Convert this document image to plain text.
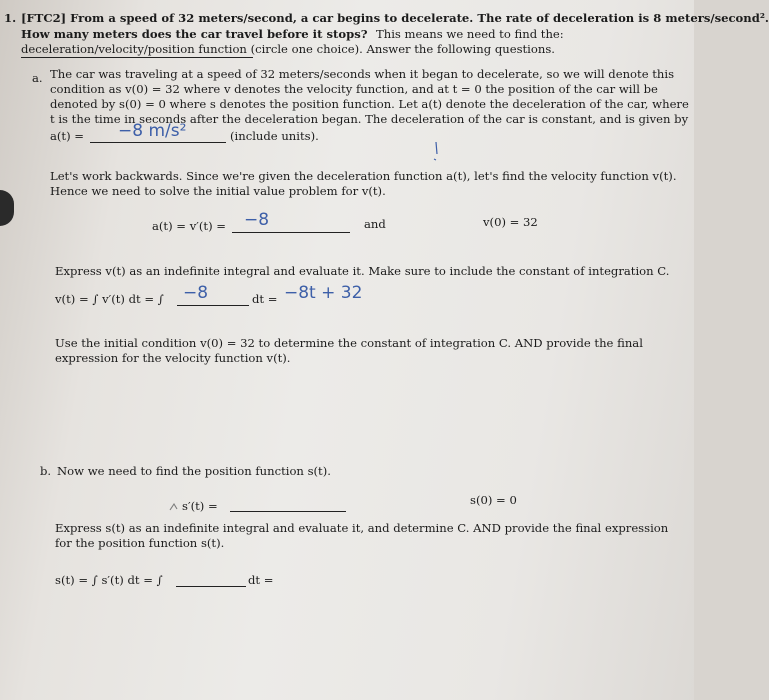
1. [FTC2] From a speed of 32 meters/second, a car begins to decelerate. The rate of deceleration is 8 meters/second².
How many meters does the car travel before it stops? This means we need to find the:
deceleration/velocity/position function (circle one choice). Answer the following questions.
a. The car was traveling at a speed of 32 meters/seconds when it began to decelerate, so we will denote this
condition as v(0) = 32 where v denotes the velocity function, and at t = 0 the position of the car will be
denoted by s(0) = 0 where s denotes the position function. Let a(t) denote the deceleration of the car, where
t is the time in seconds after the deceleration began. The deceleration of the car is constant, and is given by
a(t) = −8 m/s²	(include units).
Let's work backwards. Since we're given the deceleration function a(t), let's find the velocity function v(t).
Hence we need to solve the initial value problem for v(t).
a(t) = v′(t) = −8	and	v(0) = 32
Express v(t) as an indefinite integral and evaluate it. Make sure to include the constant of integration C.
v(t) = ∫ v′(t) dt = ∫ −8	dt = −8t + 32
Use the initial condition v(0) = 32 to determine the constant of integration C. AND provide the final
expression for the velocity function v(t).
b. Now we need to find the position function s(t).
s′(t) =	s(0) = 0
Express s(t) as an indefinite integral and evaluate it, and determine C. AND provide the final expression
for the position function s(t).
s(t) = ∫ s′(t) dt = ∫	dt =
